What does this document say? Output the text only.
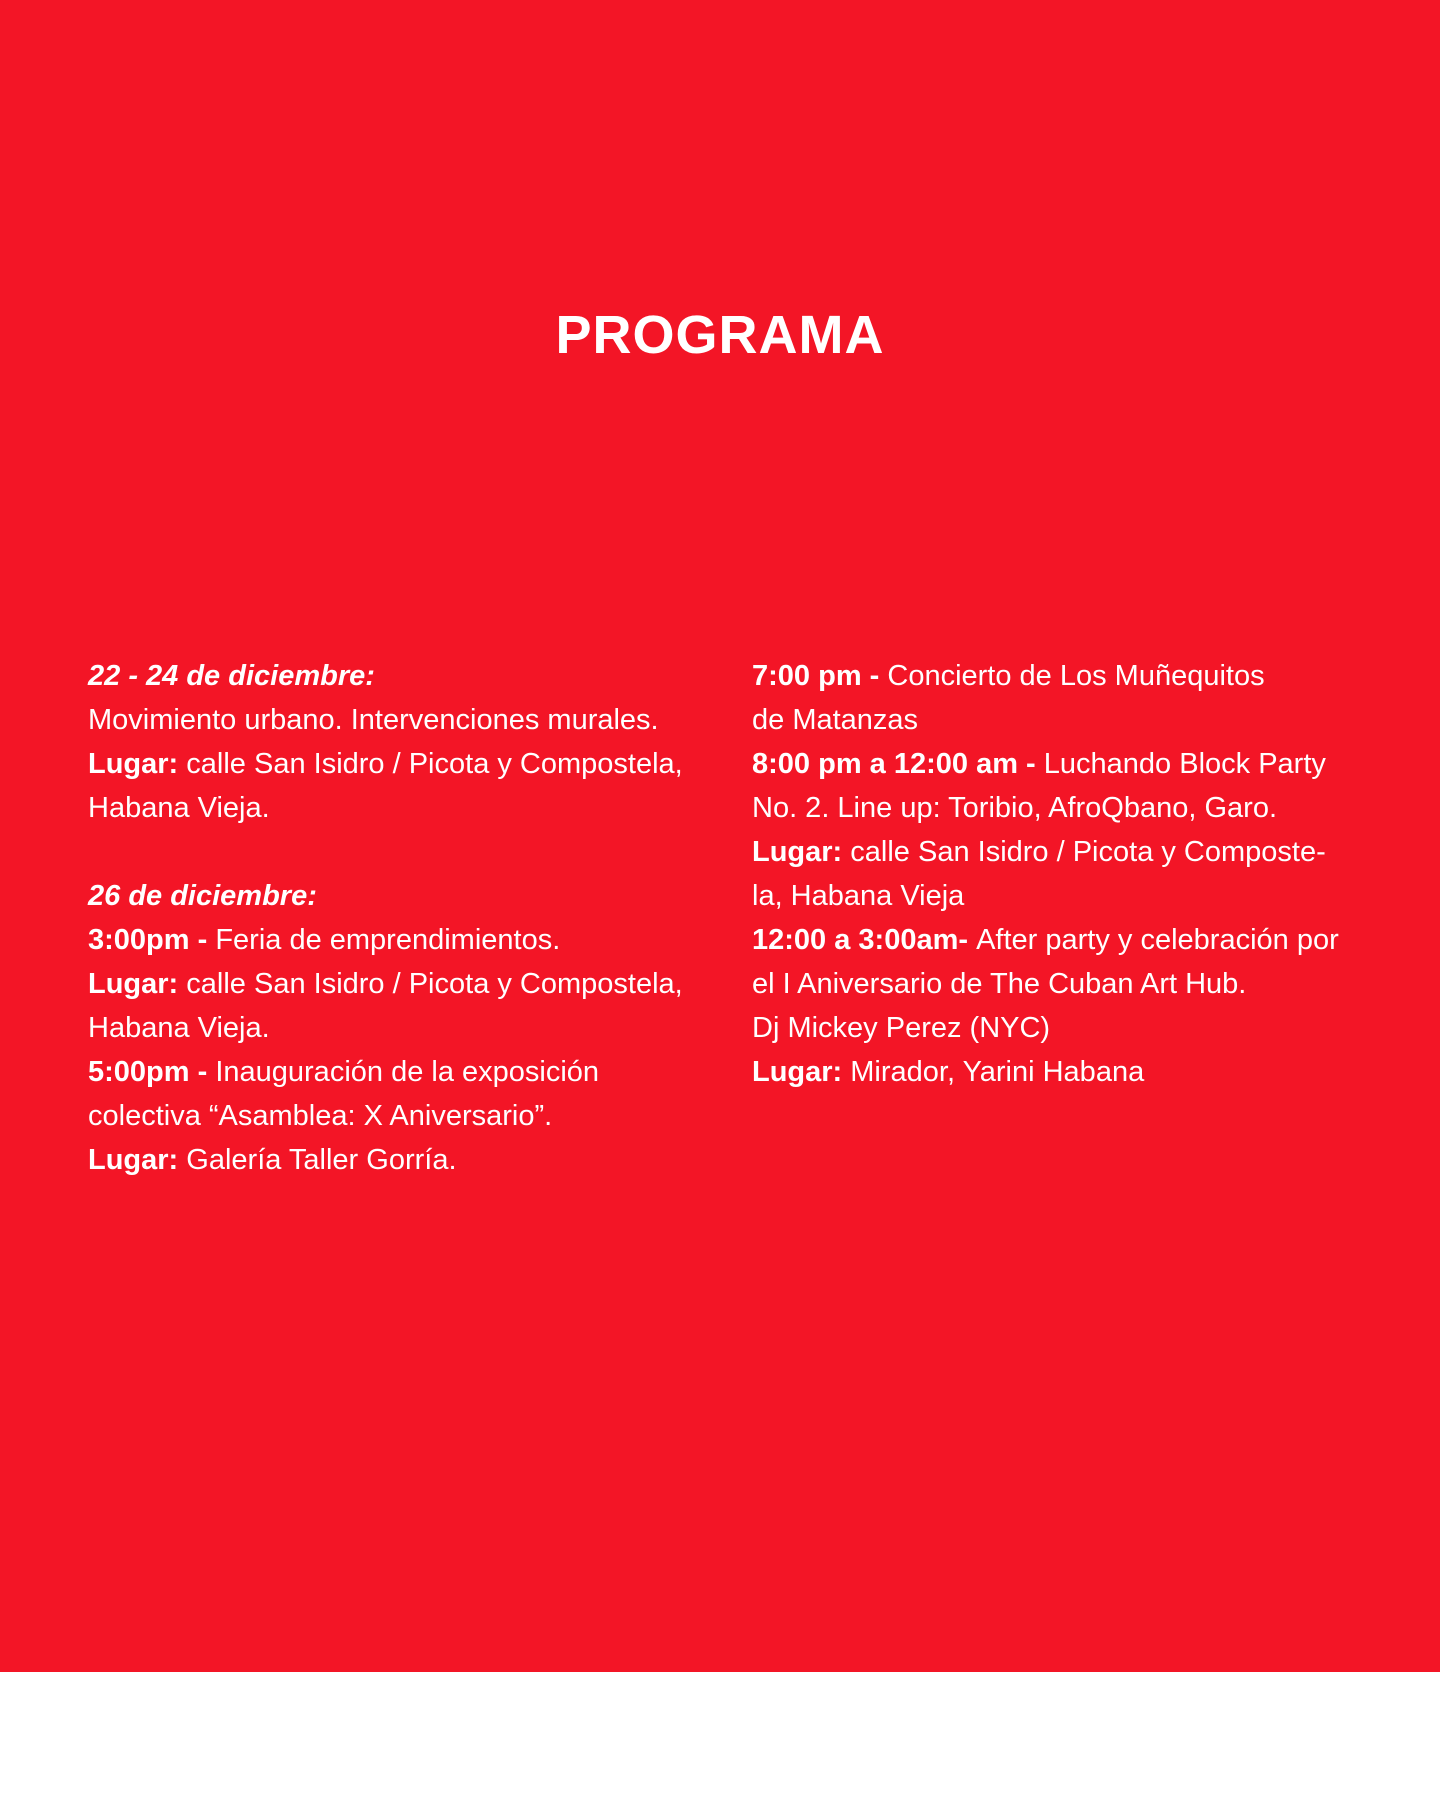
PROGRAMA
22 - 24 de diciembre:
Movimiento urbano. Intervenciones murales.
Lugar: calle San Isidro / Picota y Compostela,
Habana Vieja.
26 de diciembre:
3:00pm - Feria de emprendimientos.
Lugar: calle San Isidro / Picota y Compostela,
Habana Vieja.
5:00pm - Inauguración de la exposición
colectiva “Asamblea: X Aniversario”.
Lugar: Galería Taller Gorría.
7:00 pm - Concierto de Los Muñequitos
de Matanzas
8:00 pm a 12:00 am - Luchando Block Party
No. 2. Line up: Toribio, AfroQbano, Garo.
Lugar: calle San Isidro / Picota y Composte-
la, Habana Vieja
12:00 a 3:00am- After party y celebración por
el I Aniversario de The Cuban Art Hub.
Dj Mickey Perez (NYC)
Lugar: Mirador, Yarini Habana
